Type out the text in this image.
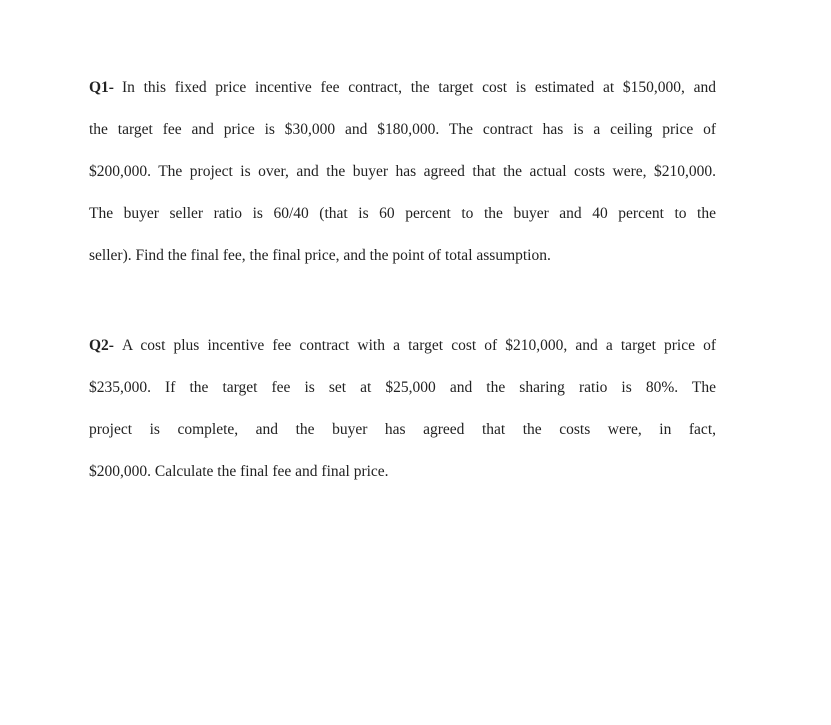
Q1- In this fixed price incentive fee contract, the target cost is estimated at $150,000, and
the target fee and price is $30,000 and $180,000. The contract has is a ceiling price of
$200,000. The project is over, and the buyer has agreed that the actual costs were, $210,000.
The buyer seller ratio is 60/40 (that is 60 percent to the buyer and 40 percent to the
seller). Find the final fee, the final price, and the point of total assumption.
Q2- A cost plus incentive fee contract with a target cost of $210,000, and a target price of
$235,000. If the target fee is set at $25,000 and the sharing ratio is 80%. The
project is complete, and the buyer has agreed that the costs were, in fact,
$200,000. Calculate the final fee and final price.
